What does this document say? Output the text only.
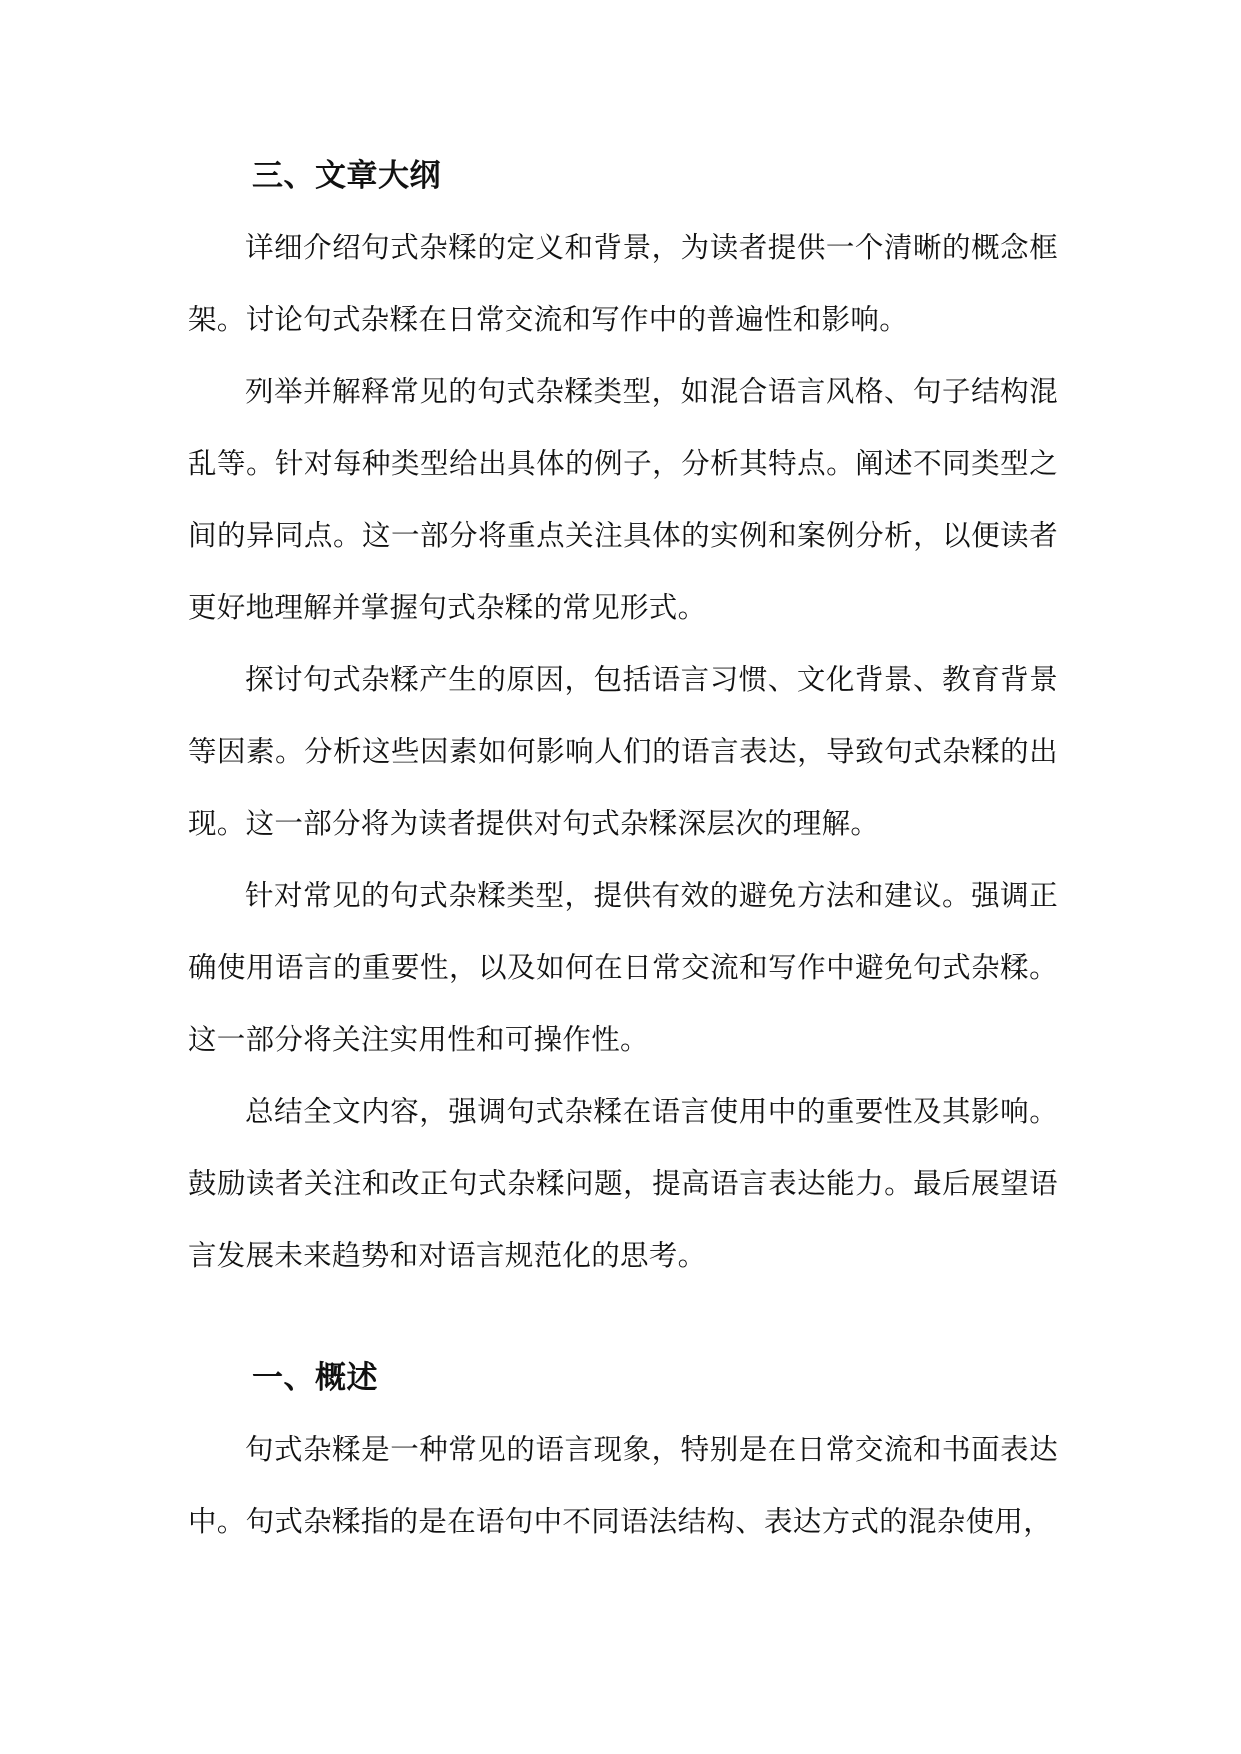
三、文章大纲

详细介绍句式杂糅的定义和背景，为读者提供一个清晰的概念框架。讨论句式杂糅在日常交流和写作中的普遍性和影响。

列举并解释常见的句式杂糅类型，如混合语言风格、句子结构混乱等。针对每种类型给出具体的例子，分析其特点。阐述不同类型之间的异同点。这一部分将重点关注具体的实例和案例分析，以便读者更好地理解并掌握句式杂糅的常见形式。

探讨句式杂糅产生的原因，包括语言习惯、文化背景、教育背景等因素。分析这些因素如何影响人们的语言表达，导致句式杂糅的出现。这一部分将为读者提供对句式杂糅深层次的理解。

针对常见的句式杂糅类型，提供有效的避免方法和建议。强调正确使用语言的重要性，以及如何在日常交流和写作中避免句式杂糅。这一部分将关注实用性和可操作性。

总结全文内容，强调句式杂糅在语言使用中的重要性及其影响。鼓励读者关注和改正句式杂糅问题，提高语言表达能力。最后展望语言发展未来趋势和对语言规范化的思考。

一、概述

句式杂糅是一种常见的语言现象，特别是在日常交流和书面表达中。句式杂糅指的是在语句中不同语法结构、表达方式的混杂使用，
